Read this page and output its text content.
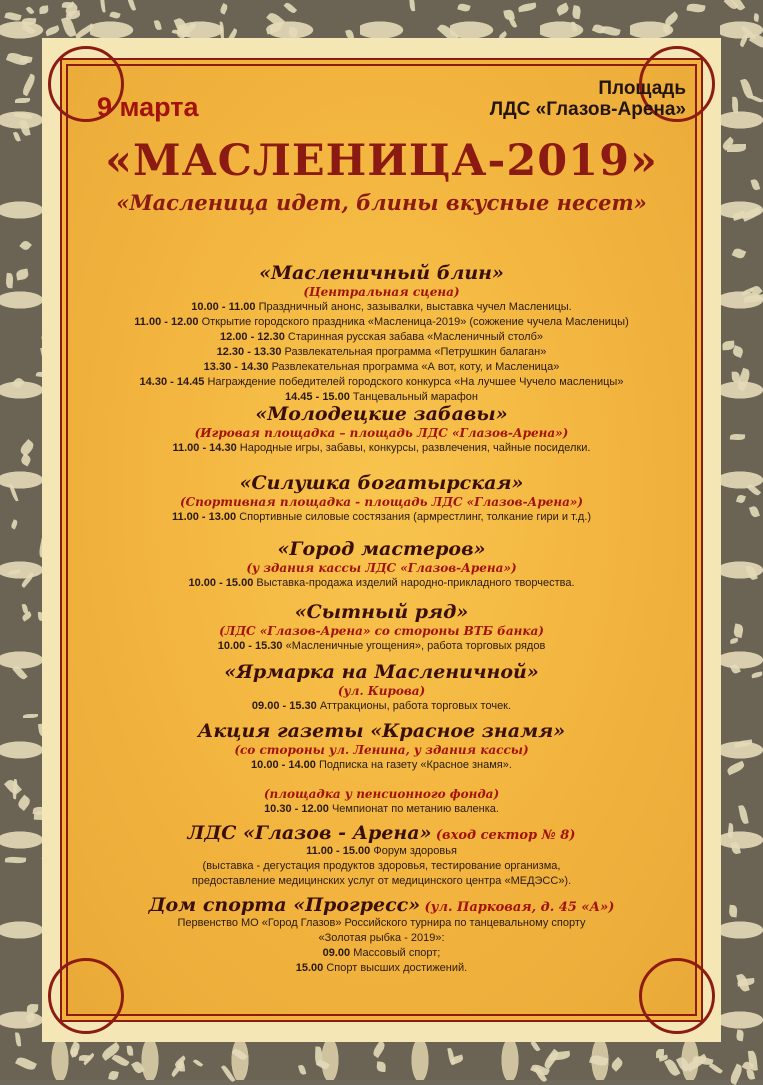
9 марта
Площадь
ЛДС «Глазов-Арена»
«МАСЛЕНИЦА-2019»
«Масленица идет, блины вкусные несет»
«Масленичный блин»
(Центральная сцена)
10.00 - 11.00 Праздничный анонс, зазывалки, выставка чучел Масленицы.
11.00 - 12.00 Открытие городского праздника «Масленица-2019» (сожжение чучела Масленицы)
12.00 - 12.30 Старинная русская забава «Масленичный столб»
12.30 - 13.30 Развлекательная программа «Петрушкин балаган»
13.30 - 14.30 Развлекательная программа «А вот, коту, и Масленица»
14.30 - 14.45 Награждение победителей городского конкурса «На лучшее Чучело масленицы»
14.45 - 15.00 Танцевальный марафон
«Молодецкие забавы»
(Игровая площадка – площадь ЛДС «Глазов-Арена»)
11.00 - 14.30 Народные игры, забавы, конкурсы, развлечения, чайные посиделки.
«Силушка богатырская»
(Спортивная площадка - площадь ЛДС «Глазов-Арена»)
11.00 - 13.00 Спортивные силовые состязания (армрестлинг, толкание гири и т.д.)
«Город мастеров»
(у здания кассы ЛДС «Глазов-Арена»)
10.00 - 15.00 Выставка-продажа изделий народно-прикладного творчества.
«Сытный ряд»
(ЛДС «Глазов-Арена» со стороны ВТБ банка)
10.00 - 15.30 «Масленичные угощения», работа торговых рядов
«Ярмарка на Масленичной»
(ул. Кирова)
09.00 - 15.30 Аттракционы, работа торговых точек.
Акция газеты «Красное знамя»
(со стороны ул. Ленина, у здания кассы)
10.00 - 14.00 Подписка на газету «Красное знамя».
(площадка у пенсионного фонда)
10.30 - 12.00 Чемпионат по метанию валенка.
ЛДС «Глазов - Арена» (вход сектор № 8)
11.00 - 15.00 Форум здоровья
(выставка - дегустация продуктов здоровья, тестирование организма,
предоставление медицинских услуг от медицинского центра «МЕДЭСС»).
Дом спорта «Прогресс» (ул. Парковая, д. 45 «А»)
Первенство МО «Город Глазов» Российского турнира по танцевальному спорту
«Золотая рыбка - 2019»:
09.00 Массовый спорт;
15.00 Спорт высших достижений.
